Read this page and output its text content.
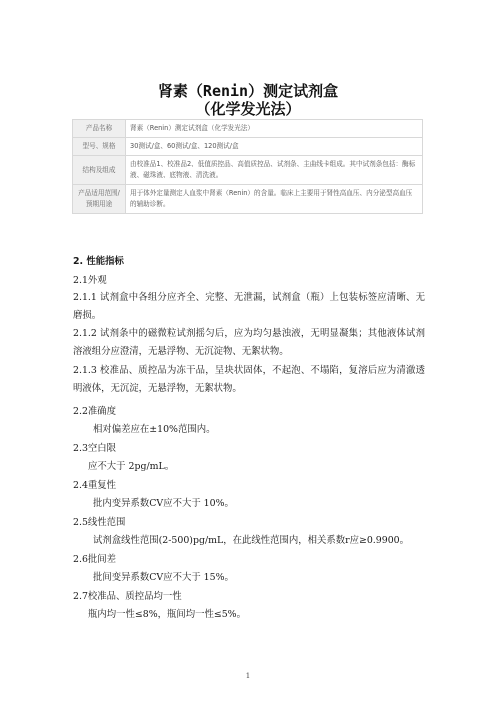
肾素（Renin）测定试剂盒
（化学发光法）
产品名称	肾素（Renin）测定试剂盒（化学发光法）
型号、规格	30测试/盒、60测试/盒、120测试/盒
结构及组成	由校准品1、校准品2、低值质控品、高值质控品、试剂条、主曲线卡组成。其中试剂条包括：酶标液、磁珠液、底物液、清洗液。
产品适用范围/预期用途	用于体外定量测定人血浆中肾素（Renin）的含量。临床上主要用于肾性高血压、内分泌型高血压的辅助诊断。
2. 性能指标
2.1外观
2.1.1 试剂盒中各组分应齐全、完整、无泄漏，试剂盒（瓶）上包装标签应清晰、无磨损。
2.1.2 试剂条中的磁微粒试剂摇匀后，应为均匀悬浊液，无明显凝集；其他液体试剂溶液组分应澄清，无悬浮物、无沉淀物、无絮状物。
2.1.3 校准品、质控品为冻干品，呈块状固体，不起泡、不塌陷，复溶后应为清澈透明液体，无沉淀，无悬浮物，无絮状物。
2.2准确度
相对偏差应在±10%范围内。
2.3空白限
应不大于 2pg/mL。
2.4重复性
批内变异系数CV应不大于 10%。
2.5线性范围
试剂盒线性范围(2-500)pg/mL，在此线性范围内，相关系数r应≥0.9900。
2.6批间差
批间变异系数CV应不大于 15%。
2.7校准品、质控品均一性
瓶内均一性≤8%，瓶间均一性≤5%。
1
